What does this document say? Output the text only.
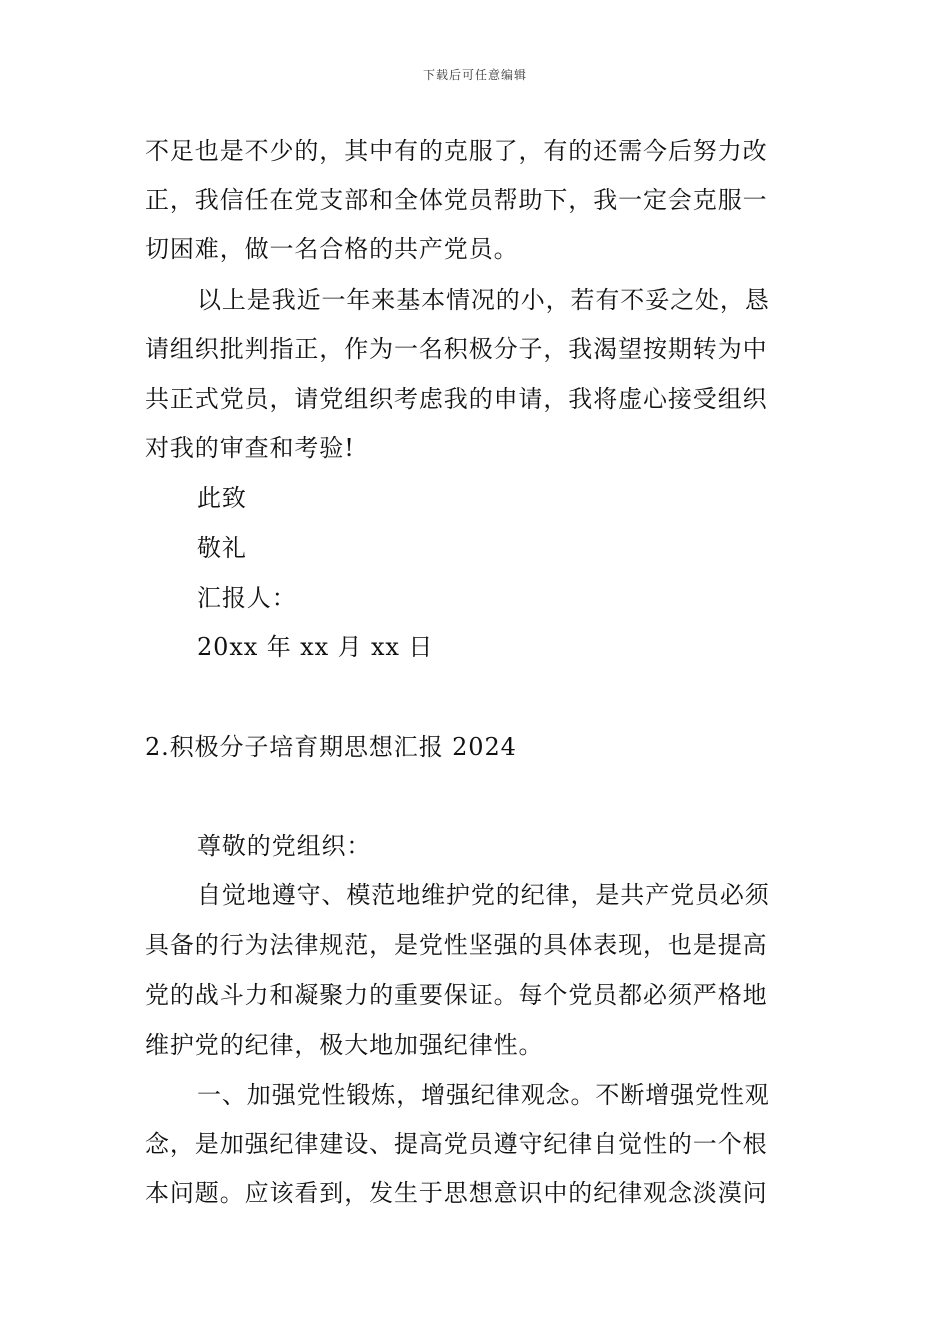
下载后可任意编辑
不足也是不少的，其中有的克服了，有的还需今后努力改
正，我信任在党支部和全体党员帮助下，我一定会克服一
切困难，做一名合格的共产党员。
以上是我近一年来基本情况的小，若有不妥之处，恳
请组织批判指正，作为一名积极分子，我渴望按期转为中
共正式党员，请党组织考虑我的申请，我将虚心接受组织
对我的审查和考验!
此致
敬礼
汇报人：
20xx 年 xx 月 xx 日
2.积极分子培育期思想汇报 2024
尊敬的党组织：
自觉地遵守、模范地维护党的纪律，是共产党员必须
具备的行为法律规范，是党性坚强的具体表现，也是提高
党的战斗力和凝聚力的重要保证。每个党员都必须严格地
维护党的纪律，极大地加强纪律性。
一、加强党性锻炼，增强纪律观念。不断增强党性观
念，是加强纪律建设、提高党员遵守纪律自觉性的一个根
本问题。应该看到，发生于思想意识中的纪律观念淡漠问
